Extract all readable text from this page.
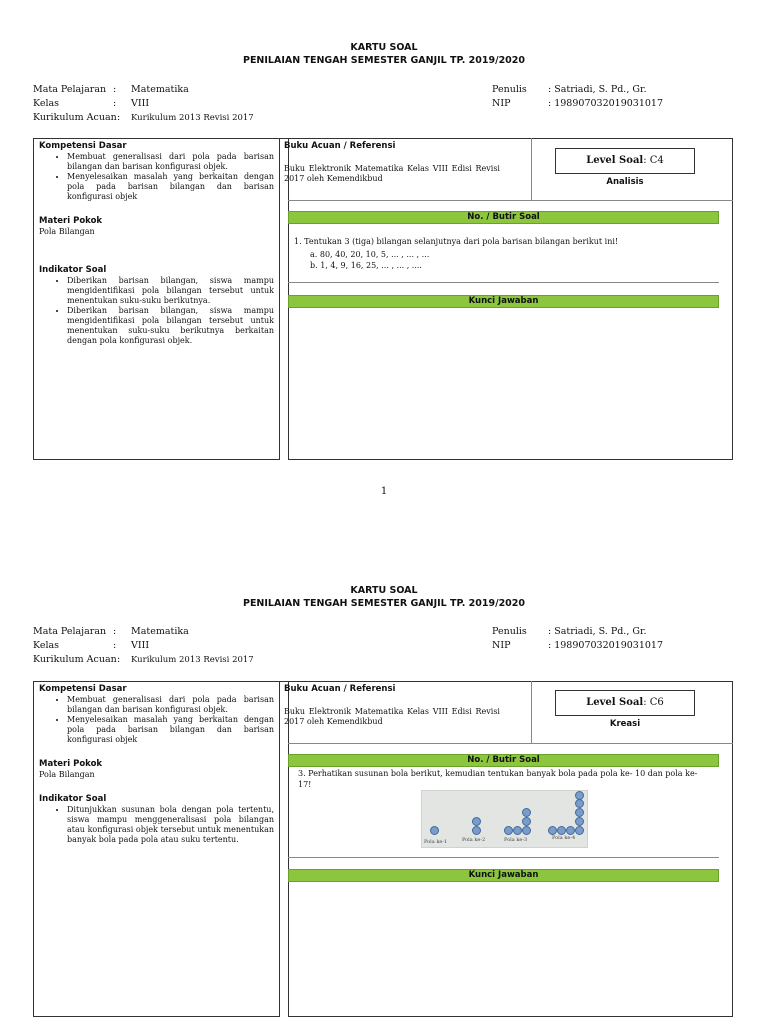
KARTU SOAL
PENILAIAN TENGAH SEMESTER GANJIL TP. 2019/2020
Mata Pelajaran : Matematika
Kelas	: VIII
Kurikulum Acuan: Kurikulum 2013 Revisi 2017
Penulis : Satriadi, S. Pd., Gr.
NIP	: 198907032019031017
Kompetensi Dasar
• Membuat generalisasi dari pola pada barisan bilangan dan barisan konfigurasi objek.
• Menyelesaikan masalah yang berkaitan dengan pola pada barisan bilangan dan barisan konfigurasi objek
Materi Pokok
Pola Bilangan
Indikator Soal
• Diberikan barisan bilangan, siswa mampu mengidentifikasi pola bilangan tersebut untuk menentukan suku-suku berikutnya.
• Diberikan barisan bilangan, siswa mampu mengidentifikasi pola bilangan tersebut untuk menentukan suku-suku berikutnya berkaitan dengan pola konfigurasi objek.
Buku Acuan / Referensi
Buku Elektronik Matematika Kelas VIII Edisi Revisi 2017 oleh Kemendikbud
Level Soal: C4
Analisis
No. / Butir Soal
1. Tentukan 3 (tiga) bilangan selanjutnya dari pola barisan bilangan berikut ini!
a. 80, 40, 20, 10, 5, ... , ... , ...
b. 1, 4, 9, 16, 25, ... , ... , ....
Kunci Jawaban
1
KARTU SOAL
PENILAIAN TENGAH SEMESTER GANJIL TP. 2019/2020
Mata Pelajaran : Matematika
Kelas	: VIII
Kurikulum Acuan: Kurikulum 2013 Revisi 2017
Penulis : Satriadi, S. Pd., Gr.
NIP	: 198907032019031017
Kompetensi Dasar
• Membuat generalisasi dari pola pada barisan bilangan dan barisan konfigurasi objek.
• Menyelesaikan masalah yang berkaitan dengan pola pada barisan bilangan dan barisan konfigurasi objek
Materi Pokok
Pola Bilangan
Indikator Soal
• Ditunjukkan susunan bola dengan pola tertentu, siswa mampu menggeneralisasi pola bilangan atau konfigurasi objek tersebut untuk menentukan banyak bola pada pola atau suku tertentu.
Buku Acuan / Referensi
Buku Elektronik Matematika Kelas VIII Edisi Revisi 2017 oleh Kemendikbud
Level Soal: C6
Kreasi
No. / Butir Soal
3. Perhatikan susunan bola berikut, kemudian tentukan banyak bola pada pola ke- 10 dan pola ke- 17!
Pola ke-1	Pola ke-2	Pola ke-3	Pola ke-4
Kunci Jawaban
